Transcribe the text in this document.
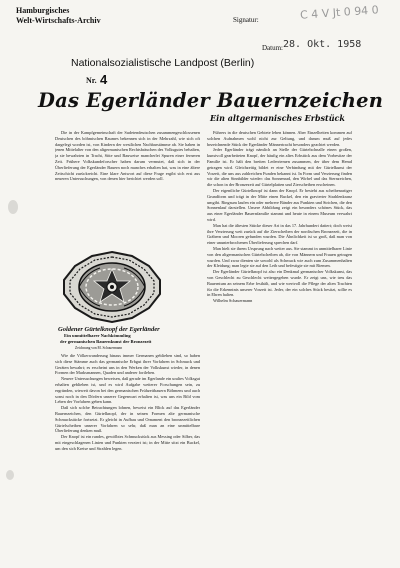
Hamburgisches
Welt-Wirtschafts-Archiv	Signatur:	C 4 V Jt 0 94 0
Datum: 28. Okt. 1958
Nationalsozialistische Landpost (Berlin)
Nr. 4
Das Egerländer Bauernzeichen
Ein altgermanisches Erbstück

Die in der Kampfgemeinschaft der Sudetendeutschen zusammengeschlossenen Deutschen des böhmischen Raumes bekennen sich in der Mehrzahl, wie sich oft dargelegt worden ist, von Kindern der westlichen Nachbarstämme ab. Sie haben in jenen Mittelalter von den altgermanischen Rechtsbräuchen des Volksgutes behalten, ja sie bewahrten in Tracht, Sitte und Bauweise mancherlei Spuren einer ferneren Zeit. Frühere Volkskundeforscher haben darum vermutet, daß sich in der Überlieferung der Egerländer Bauern noch manches erhalten hat, was in eine ältere Zeitschicht zurückreicht. Eine klare Antwort auf diese Frage ergibt sich erst aus neueren Untersuchungen, von denen hier berichtet werden soll.

Goldener Gürtelknopf der Egerländer
Ein unmittelbarer Nachkömmling
der germanischen Bauernkunst der Bronzezeit
Zeichnung von M. Schauermann

Wie die Völkerwanderung hinaus immer Germanen geblieben sind, so haben sich diese Stämme auch das germanische Erbgut ihrer Vorfahren in Schmuck und Geräten bewahrt; es erscheint uns in den Werken der Volkskunst wieder, in denen Formen der Marksmannen, Quaden und anderer fortleben.

Neuere Untersuchungen beweisen, daß gerade im Egerlande ein uraltes Volksgut erhalten geblieben ist, und es wird Aufgabe weiterer Forschungen sein, zu ergründen, wieweit davon bei den germanischen Frühzeitbauern Böhmens und auch sonst noch in den Dörfern unserer Gegenwart erhalten ist, was uns ein Bild vom Leben der Vorfahren geben kann.

Daß sich solche Betrachtungen lohnen, beweist ein Blick auf das Egerländer Bauernzeichen, den Gürtelknopf, der in seinen Formen alte germanische Schmuckstücke fortsetzt. Er gleicht in Aufbau und Ornament den bronzezeitlichen Gürtelscheiben unserer Vorfahren so sehr, daß man an eine unmittelbare Überlieferung denken muß.

Der Knopf ist ein rundes, gewölbtes Schmuckstück aus Messing oder Silber, das mit eingeschlagenen Linien und Punkten verziert ist; in der Mitte sitzt ein Buckel, um den sich Kreise und Strahlen legen.

Führers in die deutschen Gebiete leben können. Aber Einzelheiten kommen auf solchen Aufnahmen wohl nicht zur Geltung, und darum muß auf jedes bezeichnende Stück der Egerländer Männertracht besonders geachtet werden.

Jeder Egerländer trägt nämlich an Stelle der Gürtelschnalle einen großen, kunstvoll gearbeiteten Knopf, der häufig ein altes Erbstück aus dem Vorbesitze der Familie ist. Er hält den breiten Lederriemen zusammen, der über dem Hemd getragen wird. Gleichzeitig bildet er eine Verbindung mit der Gürtelkunst der Vorzeit, die uns aus zahlreichen Funden bekannt ist. In Form und Verzierung finden wir die alten Sinnbilder wieder: das Sonnenrad, den Wirbel und das Sternzeichen, die schon in der Bronzezeit auf Gürtelplatten und Zierscheiben erscheinen.

Der eigentliche Gürtelknopf ist dann der Knopf. Er besteht aus scheibenartiger Grundform und trägt in der Mitte einen Buckel, den ein gravierter Strahlenkranz umgibt. Ringsum laufen ein oder mehrere Bänder aus Punkten und Strichen, die den Sonnenlauf darstellen. Unsere Abbildung zeigt ein besonders schönes Stück, das aus einer Egerländer Bauernfamilie stammt und heute in einem Museum verwahrt wird.

Man hat die ältesten Stücke dieser Art in das 17. Jahrhundert datiert; doch weist ihre Verzierung weit zurück auf die Zierscheiben der nordischen Bronzezeit, die in Gräbern und Mooren gefunden wurden. Die Ähnlichkeit ist so groß, daß man von einer ununterbrochenen Überlieferung sprechen darf.

Man hielt sie ihrem Ursprung nach weiter aus. Sie stammt in unmittelbarer Linie von den altgermanischen Gürtelscheiben ab, die von Männern und Frauen getragen wurden. Und zwar dienten sie sowohl als Schmuck wie auch zum Zusammenhalten der Kleidung; man legte sie auf den Leib und befestigte sie mit Riemen.

Der Egerländer Gürtelknopf ist also ein Denkmal germanischer Volkskunst, das von Geschlecht zu Geschlecht weitergegeben wurde. Er zeigt uns, wie treu das Bauerntum an seinem Erbe festhält, und wie wertvoll die Pflege der alten Trachten für die Erkenntnis unserer Vorzeit ist. Jeder, der ein solches Stück besitzt, sollte es in Ehren halten.

Wilhelm Schauermann
